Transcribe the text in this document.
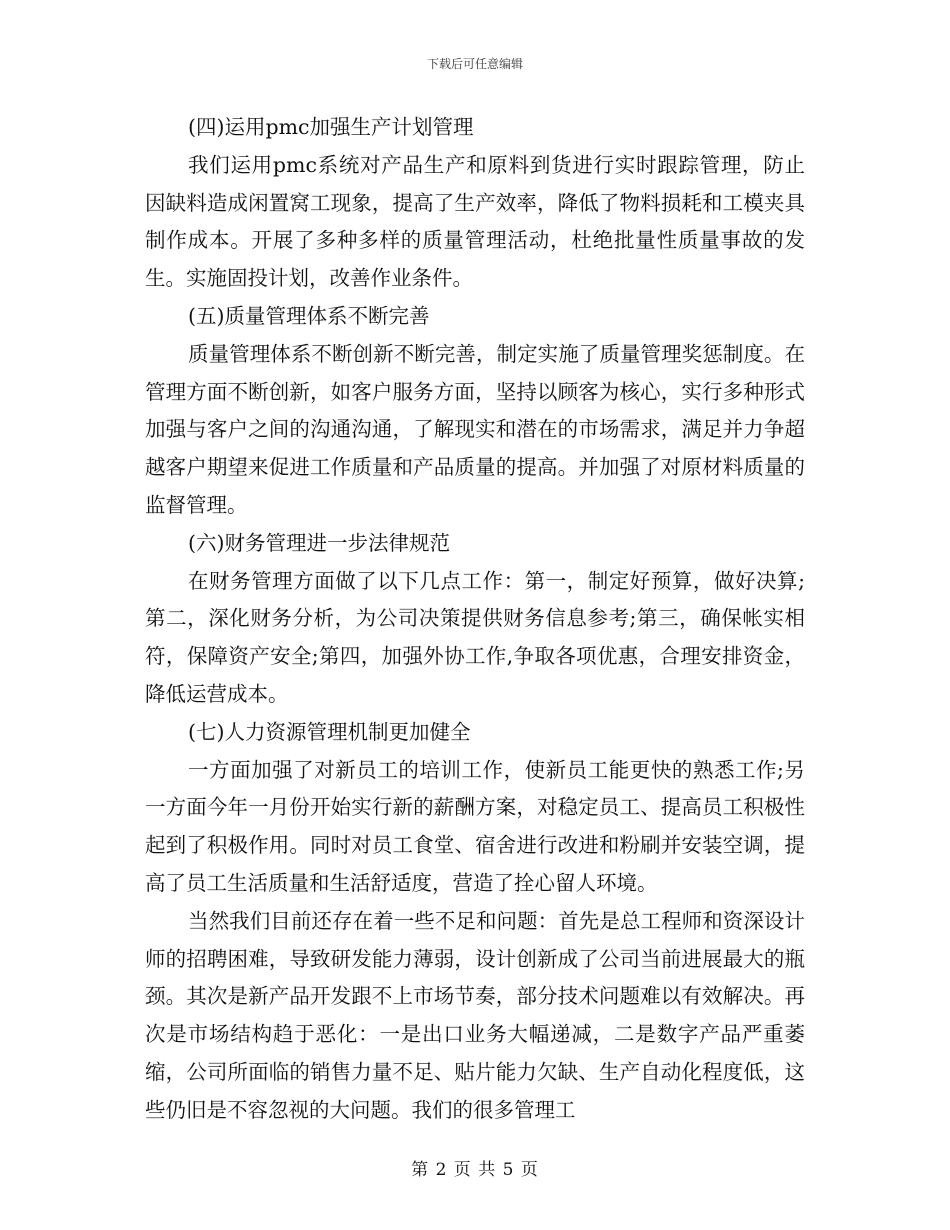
下载后可任意编辑

(四)运用pmc加强生产计划管理

我们运用pmc系统对产品生产和原料到货进行实时跟踪管理，防止因缺料造成闲置窝工现象，提高了生产效率，降低了物料损耗和工模夹具制作成本。开展了多种多样的质量管理活动，杜绝批量性质量事故的发生。实施固投计划，改善作业条件。

(五)质量管理体系不断完善

质量管理体系不断创新不断完善，制定实施了质量管理奖惩制度。在管理方面不断创新，如客户服务方面，坚持以顾客为核心，实行多种形式加强与客户之间的沟通沟通，了解现实和潜在的市场需求，满足并力争超越客户期望来促进工作质量和产品质量的提高。并加强了对原材料质量的监督管理。

(六)财务管理进一步法律规范

在财务管理方面做了以下几点工作：第一，制定好预算，做好决算;第二，深化财务分析，为公司决策提供财务信息参考;第三，确保帐实相符，保障资产安全;第四，加强外协工作,争取各项优惠，合理安排资金，降低运营成本。

(七)人力资源管理机制更加健全

一方面加强了对新员工的培训工作，使新员工能更快的熟悉工作;另一方面今年一月份开始实行新的薪酬方案，对稳定员工、提高员工积极性起到了积极作用。同时对员工食堂、宿舍进行改进和粉刷并安装空调，提高了员工生活质量和生活舒适度，营造了拴心留人环境。

当然我们目前还存在着一些不足和问题：首先是总工程师和资深设计师的招聘困难，导致研发能力薄弱，设计创新成了公司当前进展最大的瓶颈。其次是新产品开发跟不上市场节奏，部分技术问题难以有效解决。再次是市场结构趋于恶化：一是出口业务大幅递减，二是数字产品严重萎缩，公司所面临的销售力量不足、贴片能力欠缺、生产自动化程度低，这些仍旧是不容忽视的大问题。我们的很多管理工

第 2 页 共 5 页
